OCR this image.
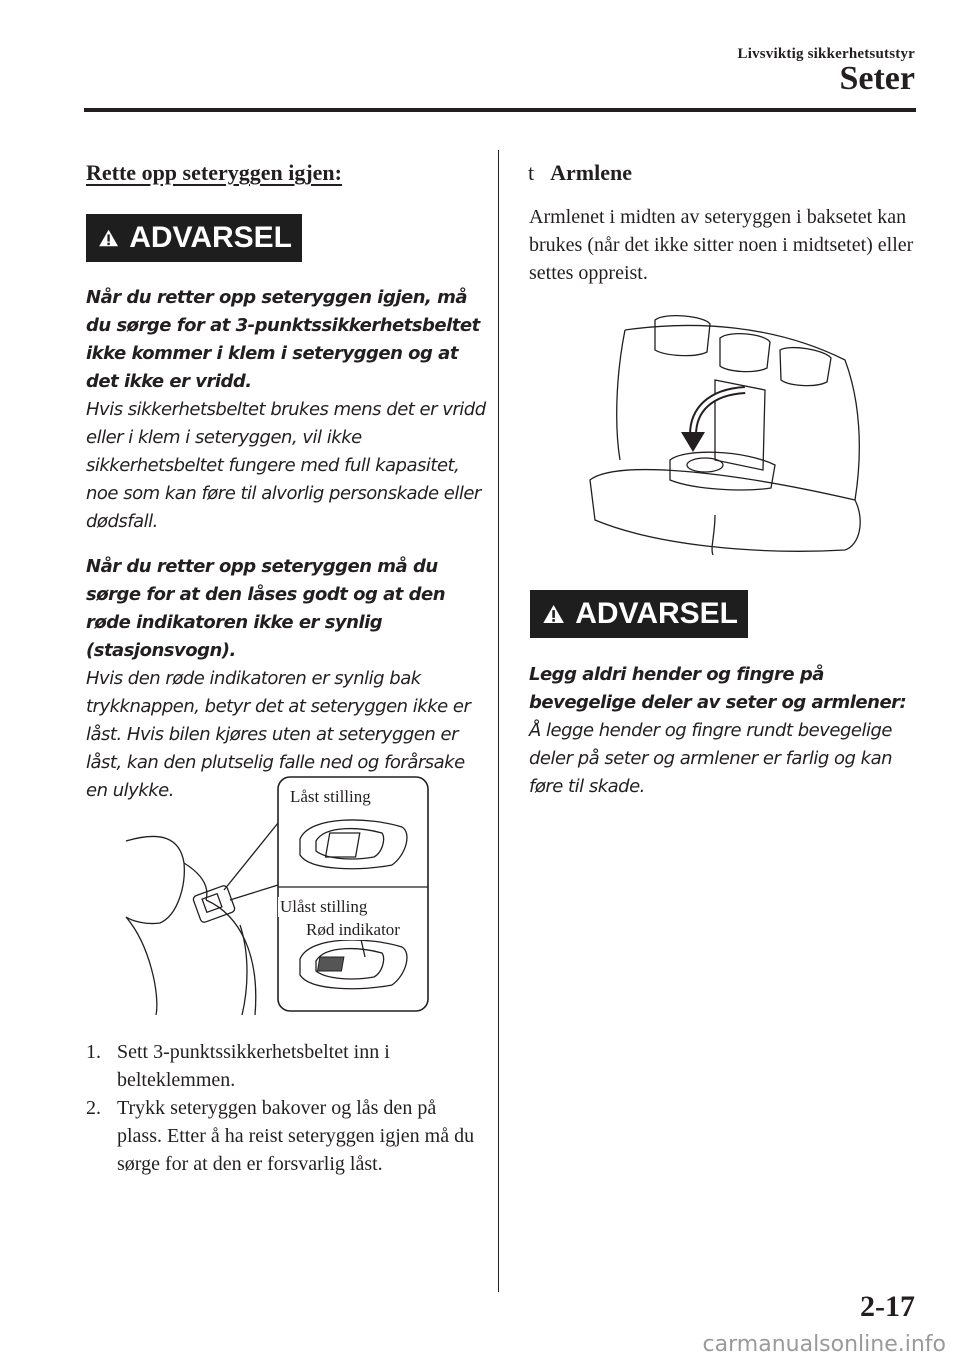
Livsviktig sikkerhetsutstyr
Seter
Rette opp seteryggen igjen:
ADVARSEL
Når du retter opp seteryggen igjen, må du sørge for at 3-punktssikkerhetsbeltet ikke kommer i klem i seteryggen og at det ikke er vridd.
Hvis sikkerhetsbeltet brukes mens det er vridd eller i klem i seteryggen, vil ikke sikkerhetsbeltet fungere med full kapasitet, noe som kan føre til alvorlig personskade eller dødsfall.
Når du retter opp seteryggen må du sørge for at den låses godt og at den røde indikatoren ikke er synlig (stasjonsvogn).
Hvis den røde indikatoren er synlig bak trykknappen, betyr det at seteryggen ikke er låst. Hvis bilen kjøres uten at seteryggen er låst, kan den plutselig falle ned og forårsake en ulykke.	Låst stilling
Ulåst stilling
Rød indikator
1. Sett 3-punktssikkerhetsbeltet inn i belteklemmen.
2. Trykk seteryggen bakover og lås den på plass. Etter å ha reist seteryggen igjen må du sørge for at den er forsvarlig låst.
t Armlene
Armlenet i midten av seteryggen i baksetet kan brukes (når det ikke sitter noen i midtsetet) eller settes oppreist.
ADVARSEL
Legg aldri hender og fingre på bevegelige deler av seter og armlener:
Å legge hender og fingre rundt bevegelige deler på seter og armlener er farlig og kan føre til skade.
2-17
carmanualsonline.info
